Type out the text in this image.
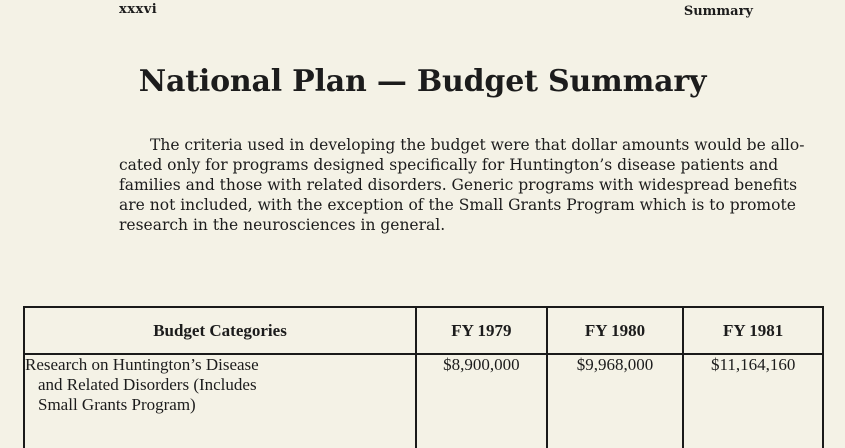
xxxvi	Summary
National Plan — Budget Summary

The criteria used in developing the budget were that dollar amounts would be allo-
cated only for programs designed specifically for Huntington’s disease patients and
families and those with related disorders. Generic programs with widespread benefits
are not included, with the exception of the Small Grants Program which is to promote
research in the neurosciences in general.

Budget Categories	FY 1979	FY 1980	FY 1981

Research on Huntington’s Disease
and Related Disorders (Includes
Small Grants Program)	$8,900,000	$9,968,000	$11,164,160
